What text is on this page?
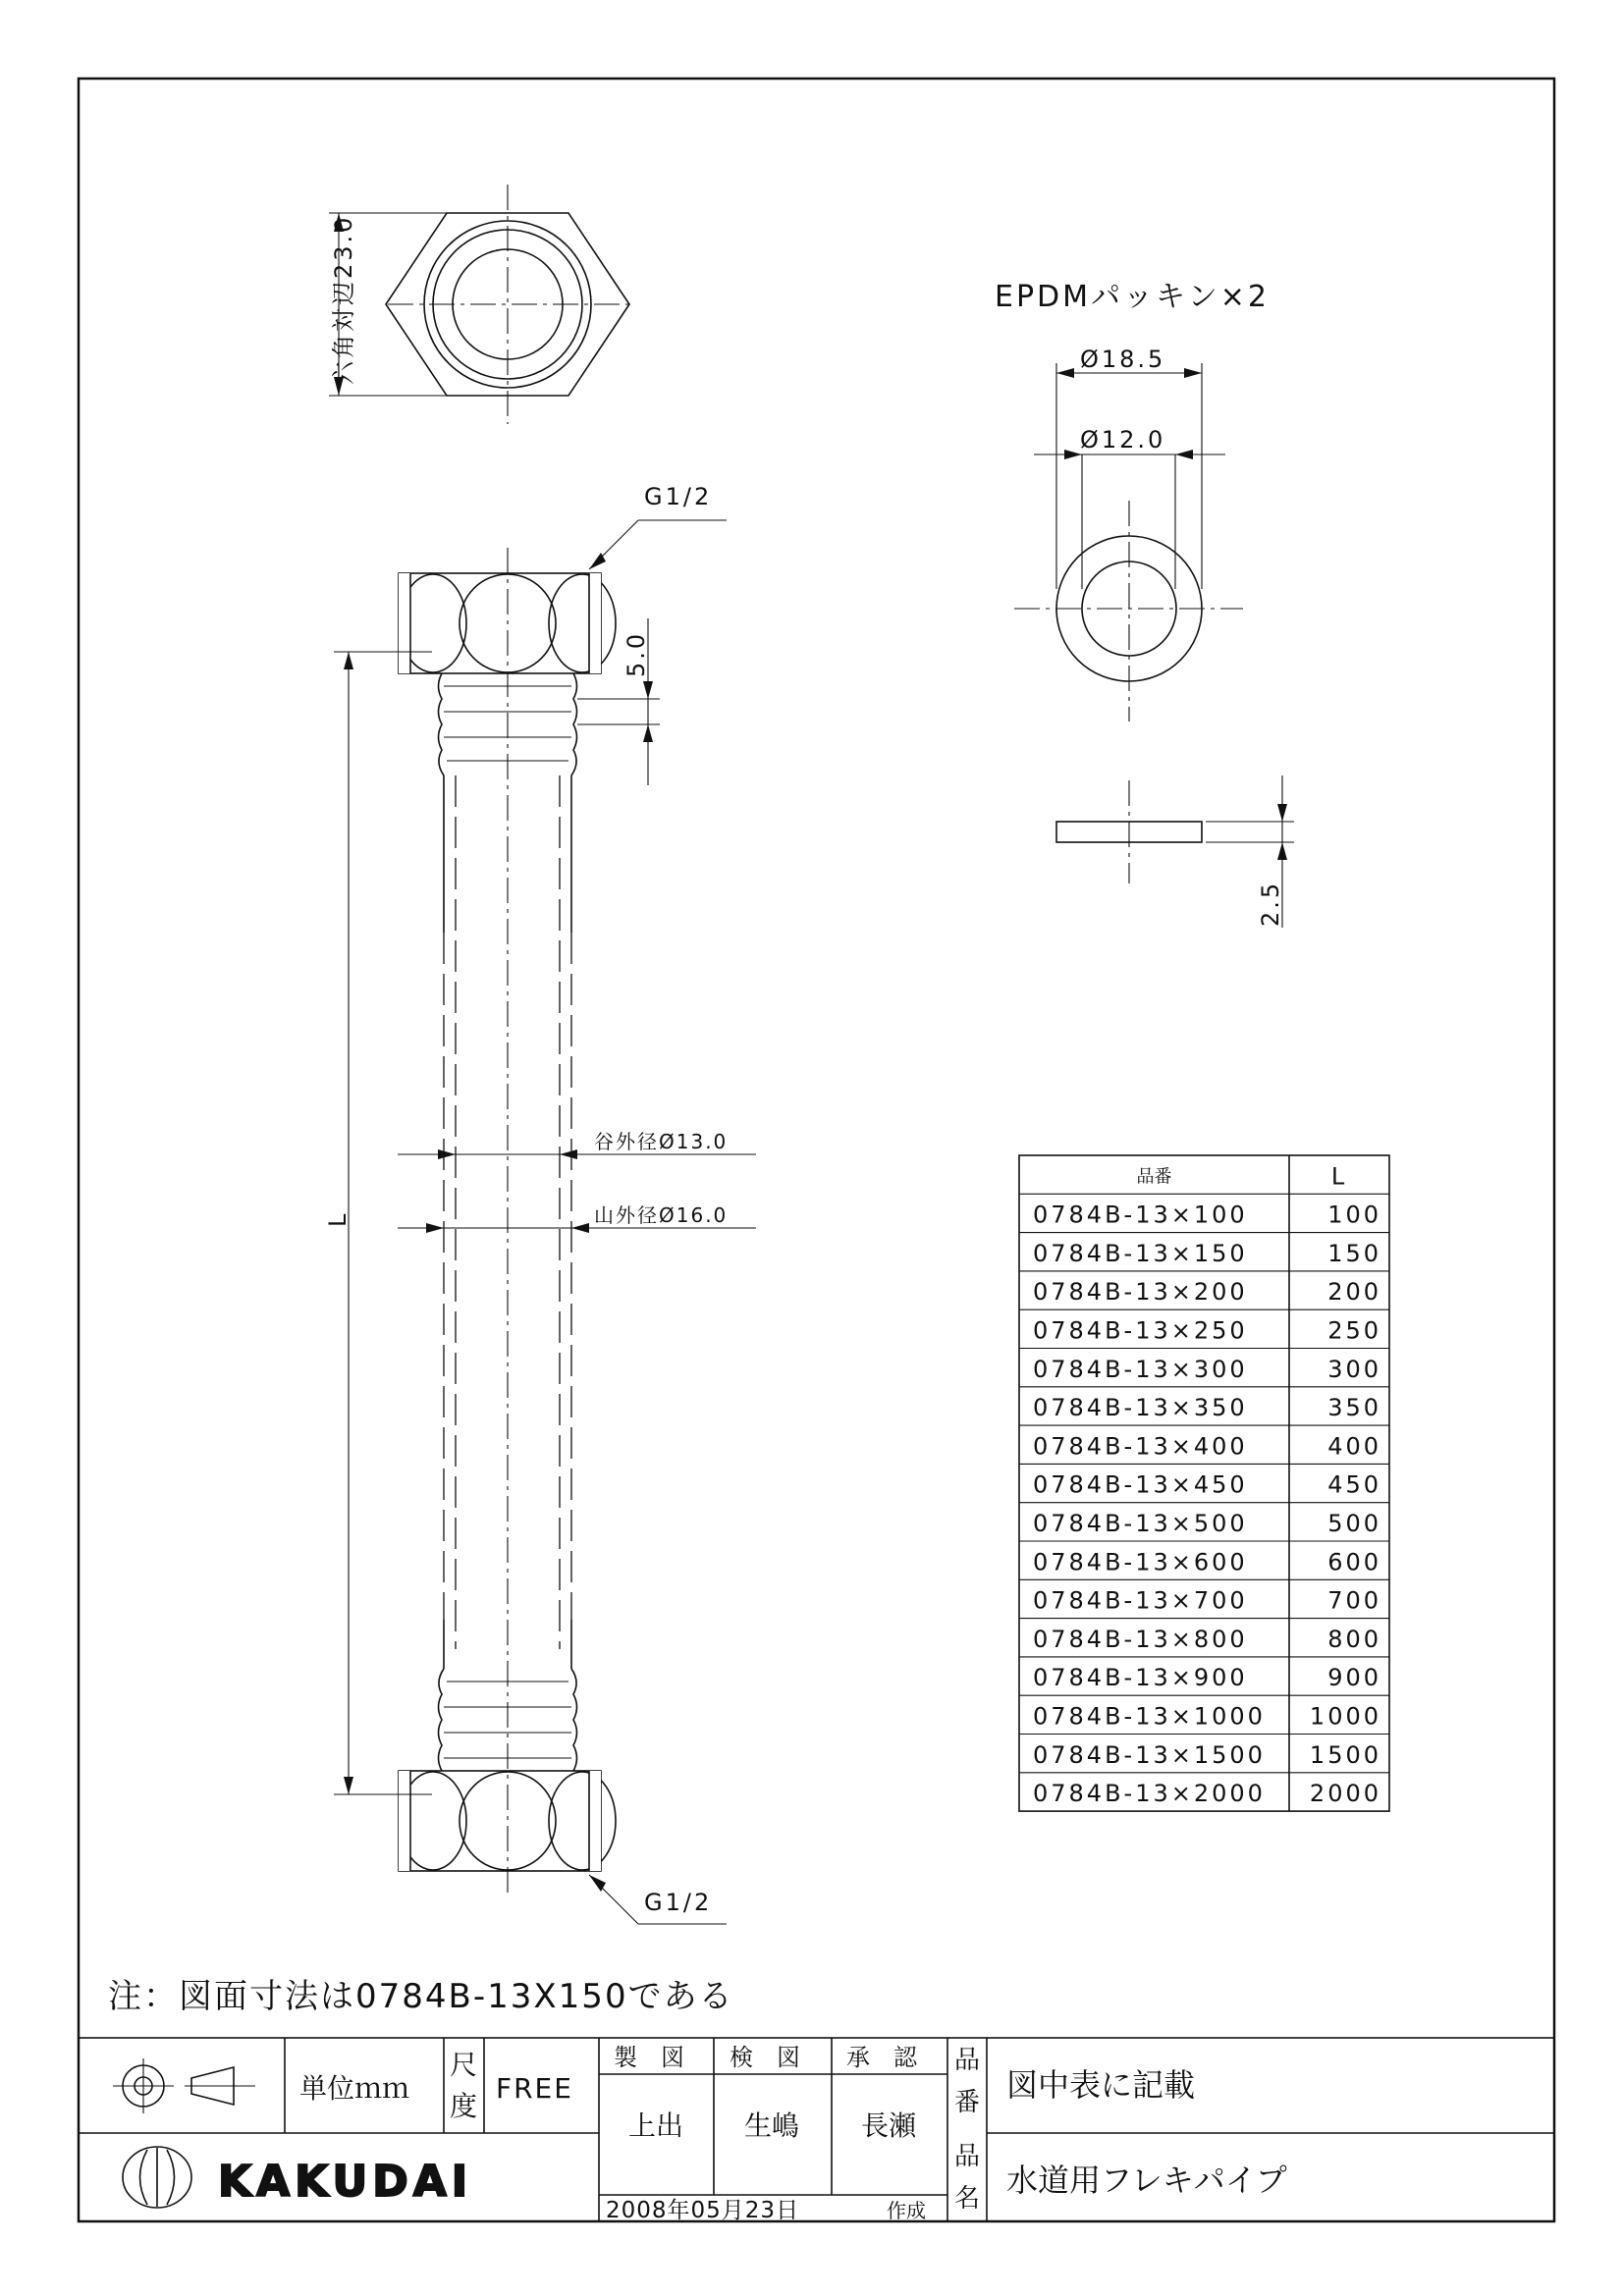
六角対辺23.0	EPDMパッキン×2
Ø18.5
Ø12.0
2.5
G1/2
G1/2
5.0
谷外径Ø13.0
山外径Ø16.0
L
品番	L
0784B-13×100	100
0784B-13×150	150
0784B-13×200	200
0784B-13×250	250
0784B-13×300	300
0784B-13×350	350
0784B-13×400	400
0784B-13×450	450
0784B-13×500	500
0784B-13×600	600
0784B-13×700	700
0784B-13×800	800
0784B-13×900	900
0784B-13×1000 1000
0784B-13×1500 1500
0784B-13×2000 2000
注：図面寸法は0784B-13X150である
単位ｍｍ
尺
度
FREE
製　図 検　図 承　認
上出 生嶋 長瀬
品
番 図中表に記載
品
名 水道用フレキパイプ
2008年05月23日	作成
KAKUDAI
